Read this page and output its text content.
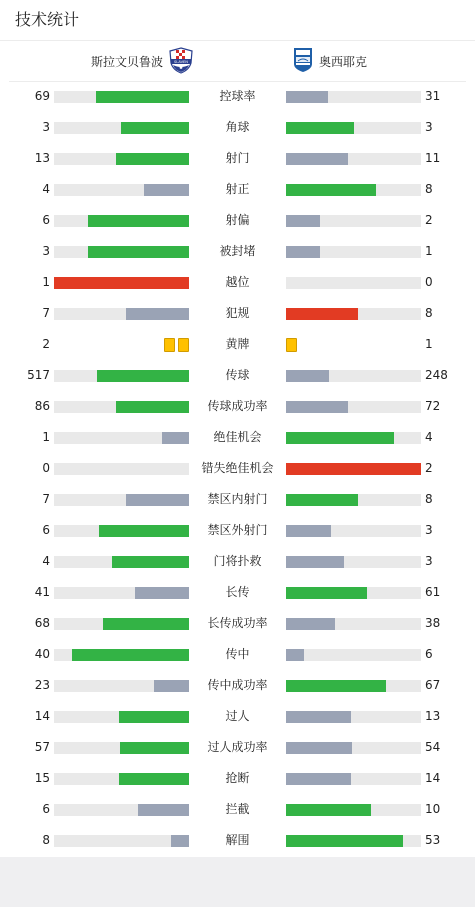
技术统计
斯拉文贝鲁波	SLAVEN	奥西耶克
69	控球率	31
3	角球	3
13	射门	11
4	射正	8
6	射偏	2
3	被封堵	1
1	越位	0
7	犯规	8
2	黄牌	1
517	传球	248
86	传球成功率	72
1	绝佳机会	4
0	错失绝佳机会	2
7	禁区内射门	8
6	禁区外射门	3
4	门将扑救	3
41	长传	61
68	长传成功率	38
40	传中	6
23	传中成功率	67
14	过人	13
57	过人成功率	54
15	抢断	14
6	拦截	10
8	解围	53
